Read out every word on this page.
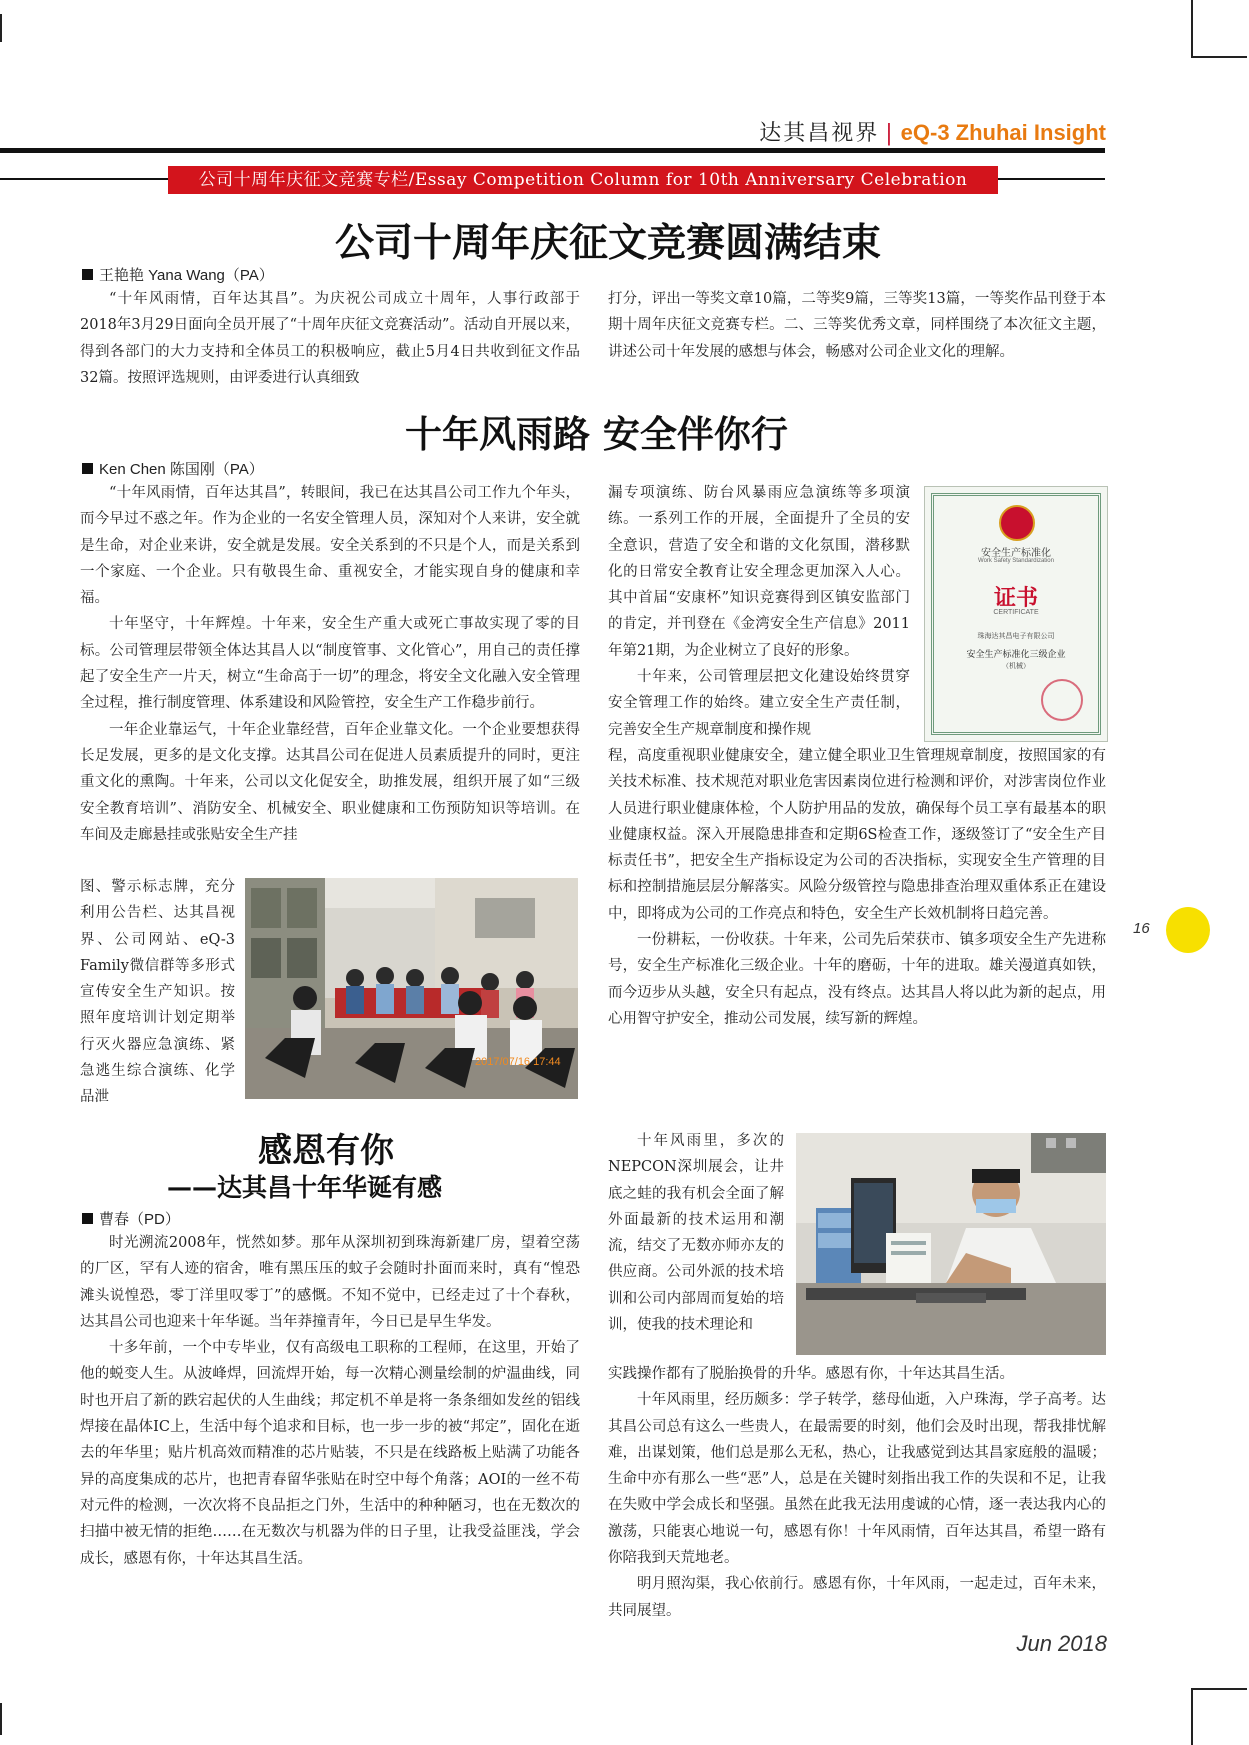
达其昌视界 | eQ-3 Zhuhai Insight
公司十周年庆征文竞赛专栏/Essay Competition Column for 10th Anniversary Celebration
公司十周年庆征文竞赛圆满结束
王艳艳 Yana Wang（PA）

“十年风雨情，百年达其昌”。为庆祝公司成立十周年，人事行政部于2018年3月29日面向全员开展了“十周年庆征文竞赛活动”。活动自开展以来，得到各部门的大力支持和全体员工的积极响应，截止5月4日共收到征文作品32篇。按照评选规则，由评委进行认真细致

打分，评出一等奖文章10篇，二等奖9篇，三等奖13篇，一等奖作品刊登于本期十周年庆征文竞赛专栏。二、三等奖优秀文章，同样围绕了本次征文主题，讲述公司十年发展的感想与体会，畅感对公司企业文化的理解。

十年风雨路 安全伴你行
Ken Chen 陈国刚（PA）

“十年风雨情，百年达其昌”，转眼间，我已在达其昌公司工作九个年头，而今早过不惑之年。作为企业的一名安全管理人员，深知对个人来讲，安全就是生命，对企业来讲，安全就是发展。安全关系到的不只是个人，而是关系到一个家庭、一个企业。只有敬畏生命、重视安全，才能实现自身的健康和幸福。

十年坚守，十年辉煌。十年来，安全生产重大或死亡事故实现了零的目标。公司管理层带领全体达其昌人以“制度管事、文化管心”，用自己的责任撑起了安全生产一片天，树立“生命高于一切”的理念，将安全文化融入安全管理全过程，推行制度管理、体系建设和风险管控，安全生产工作稳步前行。

一年企业靠运气，十年企业靠经营，百年企业靠文化。一个企业要想获得长足发展，更多的是文化支撑。达其昌公司在促进人员素质提升的同时，更注重文化的熏陶。十年来，公司以文化促安全，助推发展，组织开展了如“三级安全教育培训”、消防安全、机械安全、职业健康和工伤预防知识等培训。在车间及走廊悬挂或张贴安全生产挂

图、警示标志牌，充分利用公告栏、达其昌视界、公司网站、eQ-3 Family微信群等多形式宣传安全生产知识。按照年度培训计划定期举行灭火器应急演练、紧急逃生综合演练、化学品泄

2017/07/16 17:44

漏专项演练、防台风暴雨应急演练等多项演练。一系列工作的开展，全面提升了全员的安全意识，营造了安全和谐的文化氛围，潜移默化的日常安全教育让安全理念更加深入人心。其中首届“安康杯”知识竞赛得到区镇安监部门的肯定，并刊登在《金湾安全生产信息》2011年第21期，为企业树立了良好的形象。

十年来，公司管理层把文化建设始终贯穿安全管理工作的始终。建立安全生产责任制，完善安全生产规章制度和操作规

安全生产标准化
Work Safety Standardization
证书
CERTIFICATE
珠海达其昌电子有限公司
安全生产标准化三级企业
（机械）

程，高度重视职业健康安全，建立健全职业卫生管理规章制度，按照国家的有关技术标准、技术规范对职业危害因素岗位进行检测和评价，对涉害岗位作业人员进行职业健康体检，个人防护用品的发放，确保每个员工享有最基本的职业健康权益。深入开展隐患排查和定期6S检查工作，逐级签订了“安全生产目标责任书”，把安全生产指标设定为公司的否决指标，实现安全生产管理的目标和控制措施层层分解落实。风险分级管控与隐患排查治理双重体系正在建设中，即将成为公司的工作亮点和特色，安全生产长效机制将日趋完善。

一份耕耘，一份收获。十年来，公司先后荣获市、镇多项安全生产先进称号，安全生产标准化三级企业。十年的磨砺，十年的进取。雄关漫道真如铁，而今迈步从头越，安全只有起点，没有终点。达其昌人将以此为新的起点，用心用智守护安全，推动公司发展，续写新的辉煌。

感恩有你
——达其昌十年华诞有感
曹春（PD）

时光溯流2008年，恍然如梦。那年从深圳初到珠海新建厂房，望着空荡的厂区，罕有人迹的宿舍，唯有黑压压的蚊子会随时扑面而来时，真有“惶恐滩头说惶恐，零丁洋里叹零丁”的感慨。不知不觉中，已经走过了十个春秋，达其昌公司也迎来十年华诞。当年莽撞青年，今日已是早生华发。

十多年前，一个中专毕业，仅有高级电工职称的工程师，在这里，开始了他的蜕变人生。从波峰焊，回流焊开始，每一次精心测量绘制的炉温曲线，同时也开启了新的跌宕起伏的人生曲线；邦定机不单是将一条条细如发丝的铝线焊接在晶体IC上，生活中每个追求和目标，也一步一步的被“邦定”，固化在逝去的年华里；贴片机高效而精准的芯片贴装，不只是在线路板上贴满了功能各异的高度集成的芯片，也把青春留华张贴在时空中每个角落；AOI的一丝不苟对元件的检测，一次次将不良品拒之门外，生活中的种种陋习，也在无数次的扫描中被无情的拒绝……在无数次与机器为伴的日子里，让我受益匪浅，学会成长，感恩有你，十年达其昌生活。

十年风雨里，多次的NEPCON深圳展会，让井底之蛙的我有机会全面了解外面最新的技术运用和潮流，结交了无数亦师亦友的供应商。公司外派的技术培训和公司内部周而复始的培训，使我的技术理论和

实践操作都有了脱胎换骨的升华。感恩有你，十年达其昌生活。

十年风雨里，经历颇多：学子转学，慈母仙逝，入户珠海，学子高考。达其昌公司总有这么一些贵人，在最需要的时刻，他们会及时出现，帮我排忧解难，出谋划策，他们总是那么无私，热心，让我感觉到达其昌家庭般的温暖；生命中亦有那么一些“恶”人，总是在关键时刻指出我工作的失误和不足，让我在失败中学会成长和坚强。虽然在此我无法用虔诚的心情，逐一表达我内心的激荡，只能衷心地说一句，感恩有你！十年风雨情，百年达其昌，希望一路有你陪我到天荒地老。

明月照沟渠，我心依前行。感恩有你，十年风雨，一起走过，百年未来，共同展望。

16
Jun 2018
